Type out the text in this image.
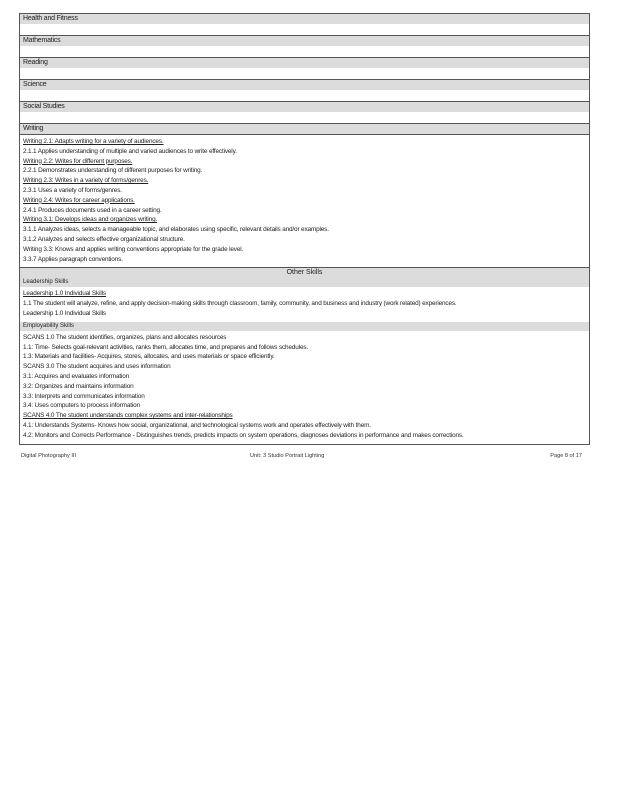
Health and Fitness
Mathematics
Reading
Science
Social Studies
Writing
Writing 2.1: Adapts writing for a variety of audiences.
2.1.1 Applies understanding of multiple and varied audiences to write effectively.
Writing 2.2: Writes for different purposes.
2.2.1 Demonstrates understanding of different purposes for writing.
Writing 2.3: Writes in a variety of forms/genres.
2.3.1 Uses a variety of forms/genres.
Writing 2.4: Writes for career applications.
2.4.1 Produces documents used in a career setting.
Writing 3.1: Develops ideas and organizes writing.
3.1.1 Analyzes ideas, selects a manageable topic, and elaborates using specific, relevant details and/or examples.
3.1.2 Analyzes and selects effective organizational structure.
Writing 3.3: Knows and applies writing conventions appropriate for the grade level.
3.3.7 Applies paragraph conventions.
Other Skills
Leadership Skills
Leadership 1.0 Individual Skills
1.1 The student will analyze, refine, and apply decision-making skills through classroom, family, community, and business and industry (work related) experiences.
Leadership 1.0 Individual Skills
Employability Skills
SCANS 1.0 The student identifies, organizes, plans and allocates resources
1.1: Time- Selects goal-relevant activities, ranks them, allocates time, and prepares and follows schedules.
1.3: Materials and facilities- Acquires, stores, allocates, and uses materials or space efficiently.
SCANS 3.0 The student acquires and uses information
3.1: Acquires and evaluates information
3.2: Organizes and maintains information
3.3: Interprets and communicates information
3.4: Uses computers to process information
SCANS 4.0 The student understands complex systems and inter-relationships
4.1: Understands Systems- Knows how social, organizational, and technological systems work and operates effectively with them.
4.2: Monitors and Corrects Performance - Distinguishes trends, predicts impacts on system operations, diagnoses deviations in performance and makes corrections.
Digital Photography III	Unit: 3 Studio Portrait Lighting	Page 8 of 17
